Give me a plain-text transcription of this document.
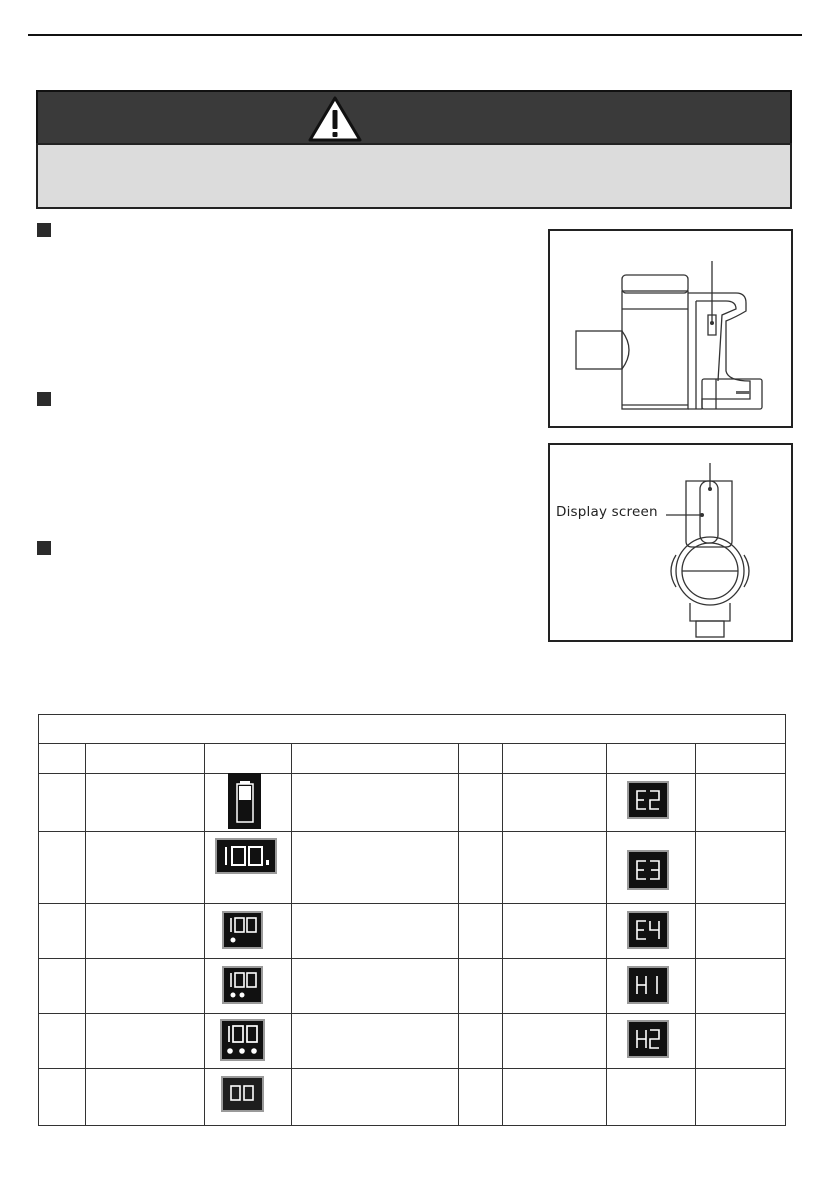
Display screen
